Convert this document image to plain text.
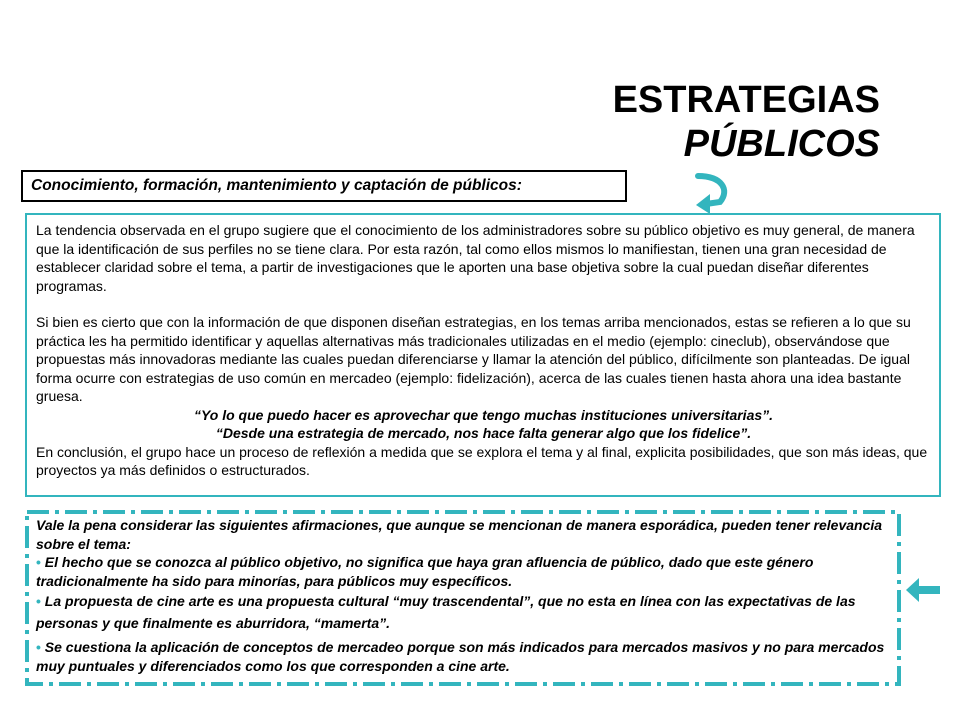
ESTRATEGIAS
PÚBLICOS
Conocimiento, formación, mantenimiento y captación de públicos:

La tendencia observada en el grupo sugiere que el conocimiento de los administradores sobre su público objetivo es muy general, de manera que la identificación de sus perfiles no se tiene clara. Por esta razón, tal como ellos mismos lo manifiestan, tienen una gran necesidad de establecer claridad sobre el tema, a partir de investigaciones que le aporten una base objetiva sobre la cual puedan diseñar diferentes programas.

Si bien es cierto que con la información de que disponen diseñan estrategias, en los temas arriba mencionados, estas se refieren a lo que su práctica les ha permitido identificar y aquellas alternativas más tradicionales utilizadas en el medio (ejemplo: cineclub), observándose que propuestas más innovadoras mediante las cuales puedan diferenciarse y llamar la atención del público, difícilmente son planteadas. De igual forma ocurre con estrategias de uso común en mercadeo (ejemplo: fidelización), acerca de las cuales tienen hasta ahora una idea bastante gruesa.

“Yo lo que puedo hacer es aprovechar que tengo muchas instituciones universitarias”.

“Desde una estrategia de mercado, nos hace falta generar algo que los fidelice”.

En conclusión, el grupo hace un proceso de reflexión a medida que se explora el tema y al final, explicita posibilidades, que son más ideas, que proyectos ya más definidos o estructurados.

Vale la pena considerar las siguientes afirmaciones, que aunque se mencionan de manera esporádica, pueden tener relevancia sobre el tema:

• El hecho que se conozca al público objetivo, no significa que haya gran afluencia de público, dado que este género tradicionalmente ha sido para minorías, para públicos muy específicos.

• La propuesta de cine arte es una propuesta cultural “muy trascendental”, que no esta en línea con las expectativas de las personas y que finalmente es aburridora, “mamerta”.

• Se cuestiona la aplicación de conceptos de mercadeo porque son más indicados para mercados masivos y no para mercados muy puntuales y diferenciados como los que corresponden a cine arte.
